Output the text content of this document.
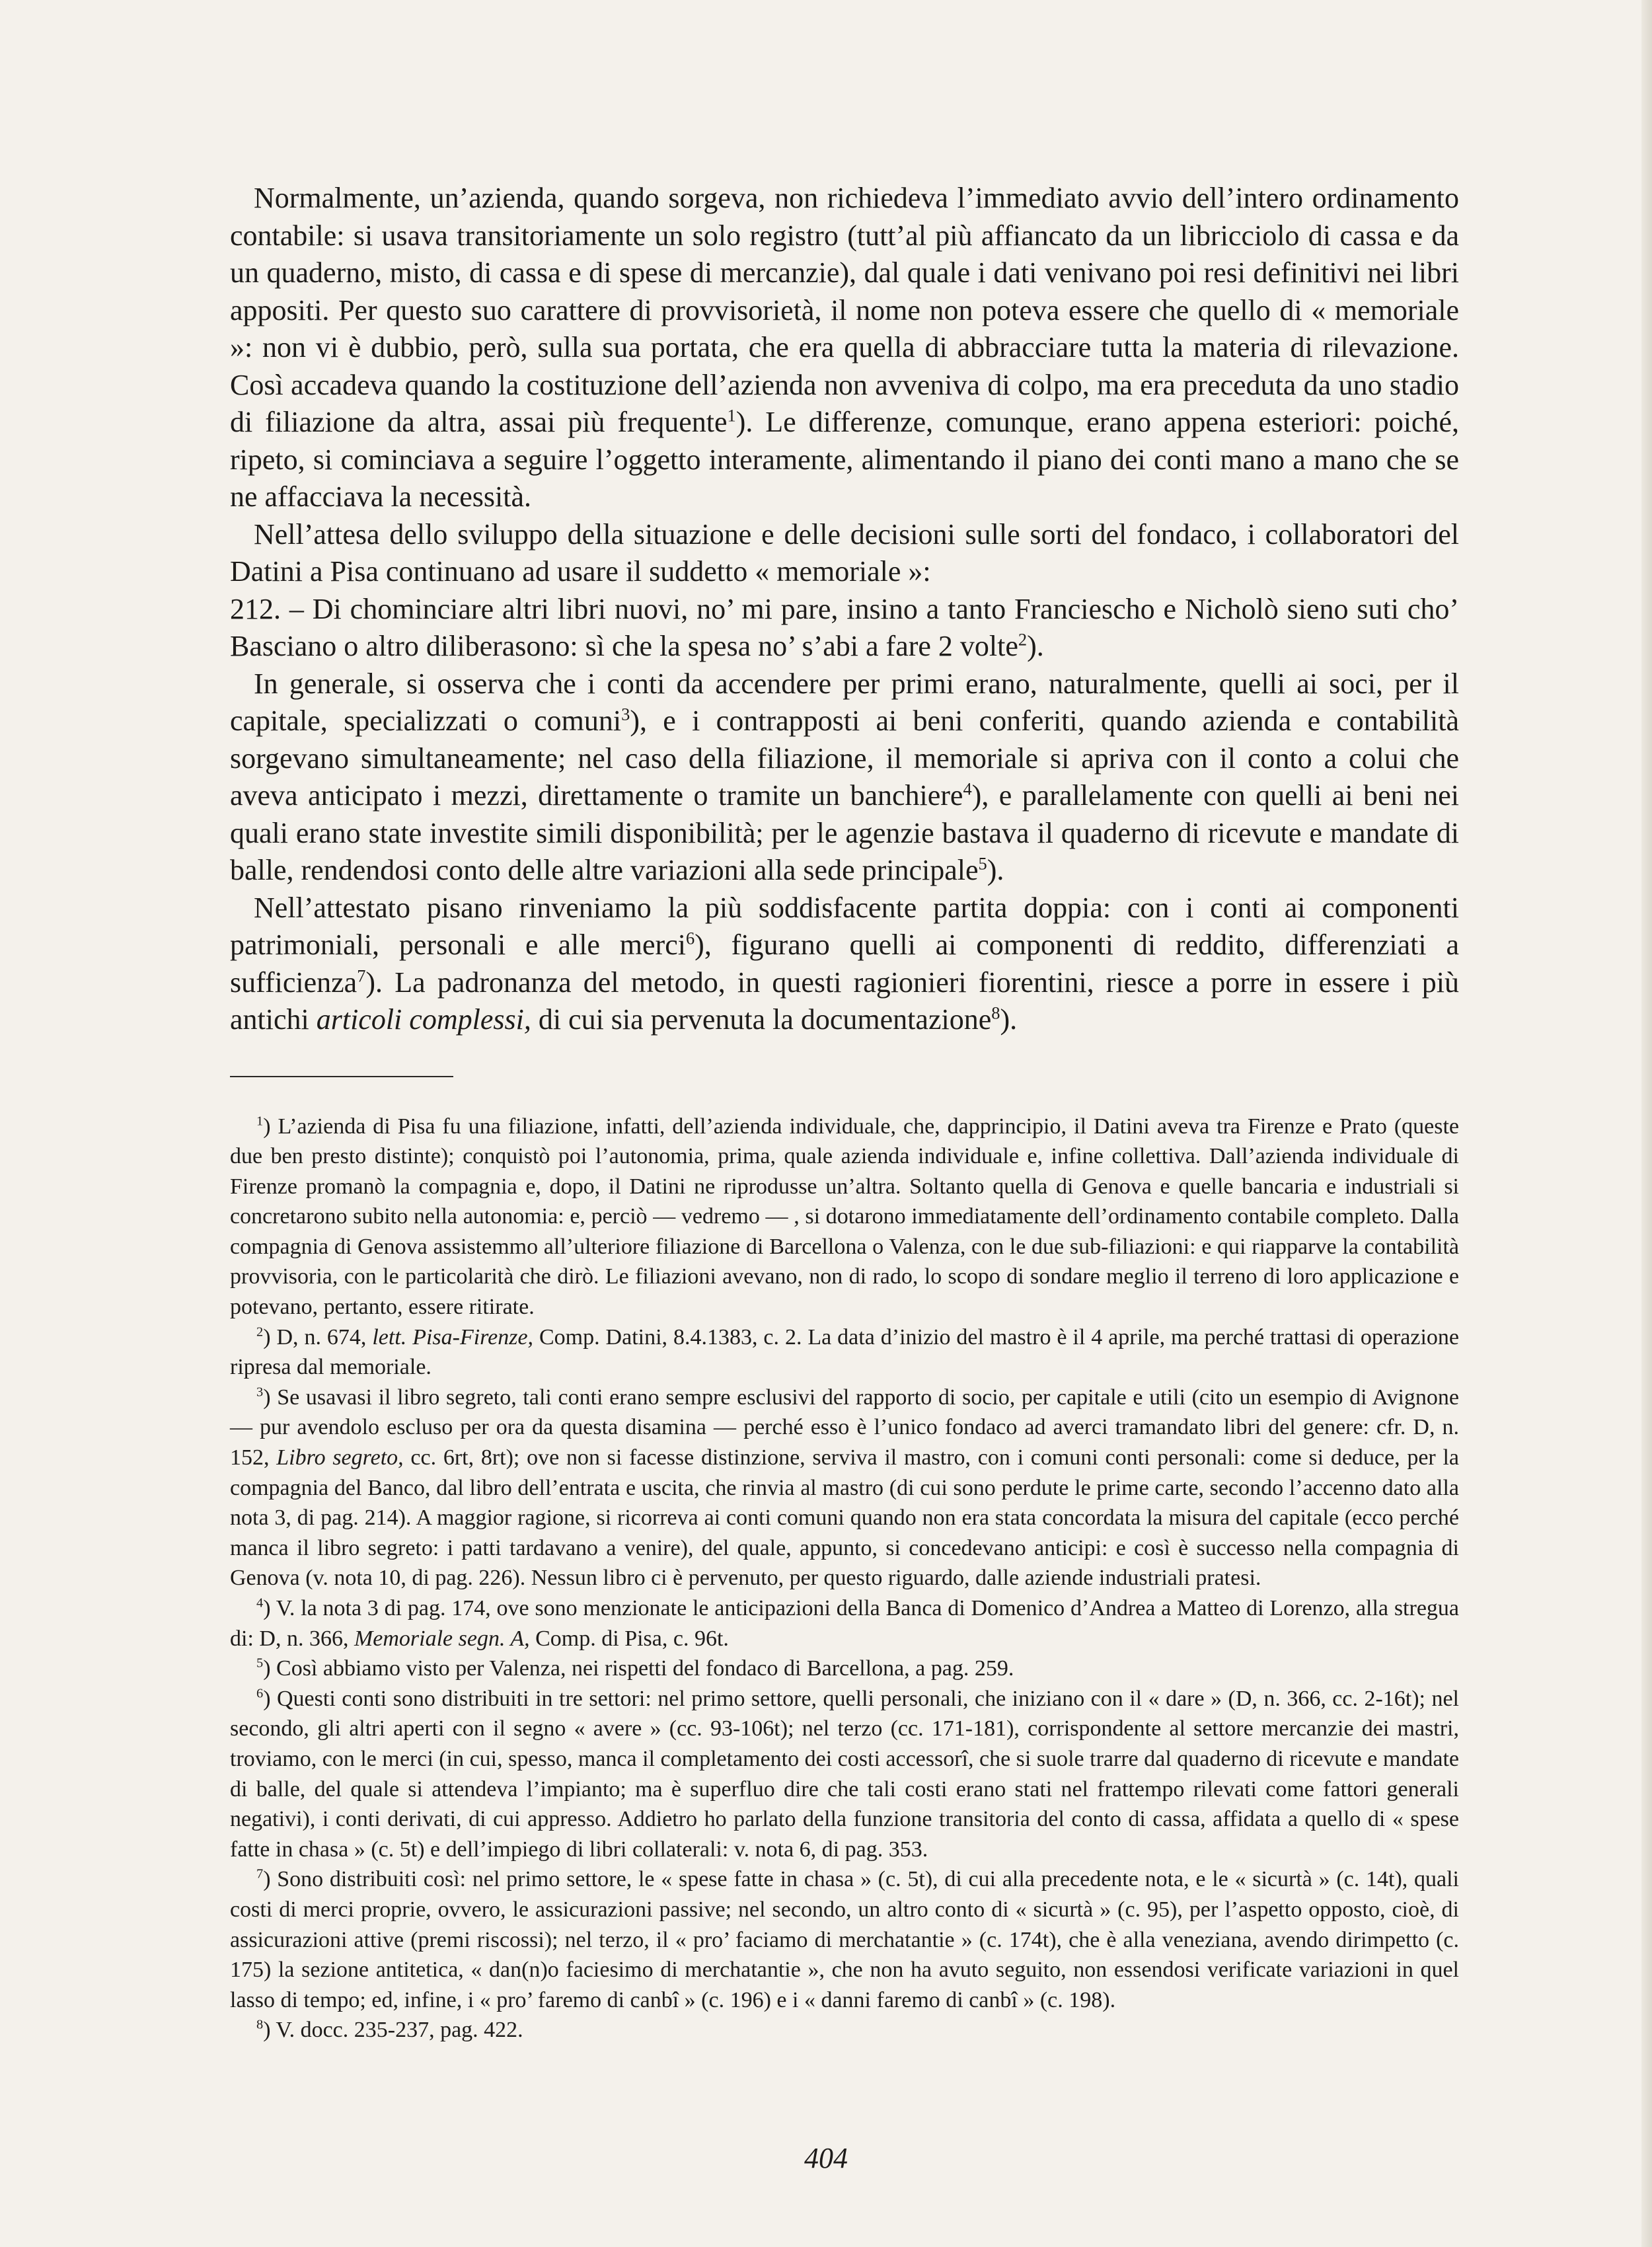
Normalmente, un’azienda, quando sorgeva, non richiedeva l’immediato avvio dell’intero ordinamento contabile: si usava transitoriamente un solo registro (tutt’al più affiancato da un libricciolo di cassa e da un quaderno, misto, di cassa e di spese di mercanzie), dal quale i dati venivano poi resi definitivi nei libri appositi. Per questo suo carattere di provvisorietà, il nome non poteva essere che quello di « memoriale »: non vi è dubbio, però, sulla sua portata, che era quella di abbracciare tutta la materia di rilevazione. Così accadeva quando la costituzione dell’azienda non avveniva di colpo, ma era preceduta da uno stadio di filiazione da altra, assai più frequente$^1$). Le differenze, comunque, erano appena esteriori: poiché, ripeto, si cominciava a seguire l’oggetto interamente, alimentando il piano dei conti mano a mano che se ne affacciava la necessità.

Nell’attesa dello sviluppo della situazione e delle decisioni sulle sorti del fondaco, i collaboratori del Datini a Pisa continuano ad usare il suddetto « memoriale »:

212. – Di chominciare altri libri nuovi, no’ mi pare, insino a tanto Franciescho e Nicholò sieno suti cho’ Basciano o altro diliberasono: sì che la spesa no’ s’abi a fare 2 volte$^2$).

In generale, si osserva che i conti da accendere per primi erano, naturalmente, quelli ai soci, per il capitale, specializzati o comuni$^3$), e i contrapposti ai beni conferiti, quando azienda e contabilità sorgevano simultaneamente; nel caso della filiazione, il memoriale si apriva con il conto a colui che aveva anticipato i mezzi, direttamente o tramite un banchiere$^4$), e parallelamente con quelli ai beni nei quali erano state investite simili disponibilità; per le agenzie bastava il quaderno di ricevute e mandate di balle, rendendosi conto delle altre variazioni alla sede principale$^5$).

Nell’attestato pisano rinveniamo la più soddisfacente partita doppia: con i conti ai componenti patrimoniali, personali e alle merci$^6$), figurano quelli ai componenti di reddito, differenziati a sufficienza$^7$). La padronanza del metodo, in questi ragionieri fiorentini, riesce a porre in essere i più antichi articoli complessi, di cui sia pervenuta la documentazione$^8$).

$^1$) L’azienda di Pisa fu una filiazione, infatti, dell’azienda individuale, che, dapprincipio, il Datini aveva tra Firenze e Prato (queste due ben presto distinte); conquistò poi l’autonomia, prima, quale azienda individuale e, infine collettiva. Dall’azienda individuale di Firenze promanò la compagnia e, dopo, il Datini ne riprodusse un’altra. Soltanto quella di Genova e quelle bancaria e industriali si concretarono subito nella autonomia: e, perciò — vedremo — , si dotarono immediatamente dell’ordinamento contabile completo. Dalla compagnia di Genova assistemmo all’ulteriore filiazione di Barcellona o Valenza, con le due sub-filiazioni: e qui riapparve la contabilità provvisoria, con le particolarità che dirò. Le filiazioni avevano, non di rado, lo scopo di sondare meglio il terreno di loro applicazione e potevano, pertanto, essere ritirate.

$^2$) D, n. 674, lett. Pisa-Firenze, Comp. Datini, 8.4.1383, c. 2. La data d’inizio del mastro è il 4 aprile, ma perché trattasi di operazione ripresa dal memoriale.

$^3$) Se usavasi il libro segreto, tali conti erano sempre esclusivi del rapporto di socio, per capitale e utili (cito un esempio di Avignone — pur avendolo escluso per ora da questa disamina — perché esso è l’unico fondaco ad averci tramandato libri del genere: cfr. D, n. 152, Libro segreto, cc. 6rt, 8rt); ove non si facesse distinzione, serviva il mastro, con i comuni conti personali: come si deduce, per la compagnia del Banco, dal libro dell’entrata e uscita, che rinvia al mastro (di cui sono perdute le prime carte, secondo l’accenno dato alla nota 3, di pag. 214). A maggior ragione, si ricorreva ai conti comuni quando non era stata concordata la misura del capitale (ecco perché manca il libro segreto: i patti tardavano a venire), del quale, appunto, si concedevano anticipi: e così è successo nella compagnia di Genova (v. nota 10, di pag. 226). Nessun libro ci è pervenuto, per questo riguardo, dalle aziende industriali pratesi.

$^4$) V. la nota 3 di pag. 174, ove sono menzionate le anticipazioni della Banca di Domenico d’Andrea a Matteo di Lorenzo, alla stregua di: D, n. 366, Memoriale segn. A, Comp. di Pisa, c. 96t.

$^5$) Così abbiamo visto per Valenza, nei rispetti del fondaco di Barcellona, a pag. 259.

$^6$) Questi conti sono distribuiti in tre settori: nel primo settore, quelli personali, che iniziano con il « dare » (D, n. 366, cc. 2-16t); nel secondo, gli altri aperti con il segno « avere » (cc. 93-106t); nel terzo (cc. 171-181), corrispondente al settore mercanzie dei mastri, troviamo, con le merci (in cui, spesso, manca il completamento dei costi accessorî, che si suole trarre dal quaderno di ricevute e mandate di balle, del quale si attendeva l’impianto; ma è superfluo dire che tali costi erano stati nel frattempo rilevati come fattori generali negativi), i conti derivati, di cui appresso. Addietro ho parlato della funzione transitoria del conto di cassa, affidata a quello di « spese fatte in chasa » (c. 5t) e dell’impiego di libri collaterali: v. nota 6, di pag. 353.

$^7$) Sono distribuiti così: nel primo settore, le « spese fatte in chasa » (c. 5t), di cui alla precedente nota, e le « sicurtà » (c. 14t), quali costi di merci proprie, ovvero, le assicurazioni passive; nel secondo, un altro conto di « sicurtà » (c. 95), per l’aspetto opposto, cioè, di assicurazioni attive (premi riscossi); nel terzo, il « pro’ faciamo di merchatantie » (c. 174t), che è alla veneziana, avendo dirimpetto (c. 175) la sezione antitetica, « dan(n)o faciesimo di merchatantie », che non ha avuto seguito, non essendosi verificate variazioni in quel lasso di tempo; ed, infine, i « pro’ faremo di canbî » (c. 196) e i « danni faremo di canbî » (c. 198).

$^8$) V. docc. 235-237, pag. 422.

404
